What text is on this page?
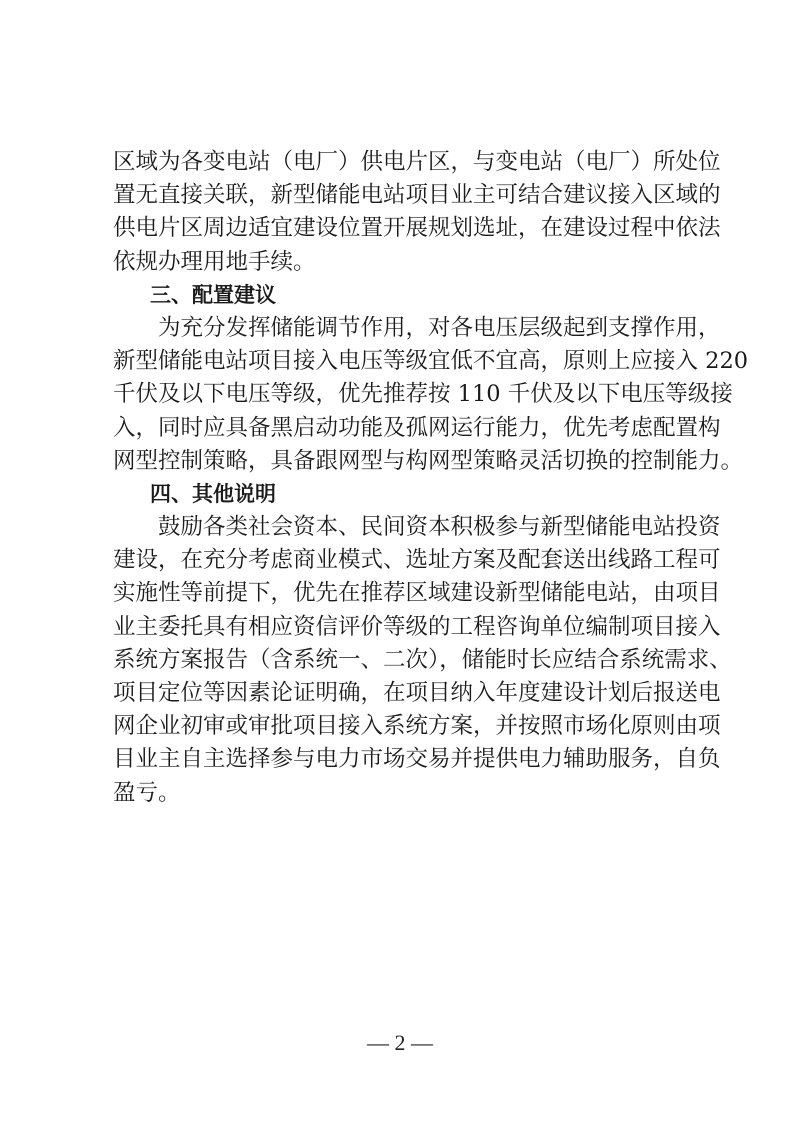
区域为各变电站（电厂）供电片区，与变电站（电厂）所处位
置无直接关联，新型储能电站项目业主可结合建议接入区域的
供电片区周边适宜建设位置开展规划选址，在建设过程中依法
依规办理用地手续。
三、配置建议
为充分发挥储能调节作用，对各电压层级起到支撑作用，
新型储能电站项目接入电压等级宜低不宜高，原则上应接入 220
千伏及以下电压等级，优先推荐按 110 千伏及以下电压等级接
入，同时应具备黑启动功能及孤网运行能力，优先考虑配置构
网型控制策略，具备跟网型与构网型策略灵活切换的控制能力。
四、其他说明
鼓励各类社会资本、民间资本积极参与新型储能电站投资
建设，在充分考虑商业模式、选址方案及配套送出线路工程可
实施性等前提下，优先在推荐区域建设新型储能电站，由项目
业主委托具有相应资信评价等级的工程咨询单位编制项目接入
系统方案报告（含系统一、二次），储能时长应结合系统需求、
项目定位等因素论证明确，在项目纳入年度建设计划后报送电
网企业初审或审批项目接入系统方案，并按照市场化原则由项
目业主自主选择参与电力市场交易并提供电力辅助服务，自负
盈亏。
— 2 —
